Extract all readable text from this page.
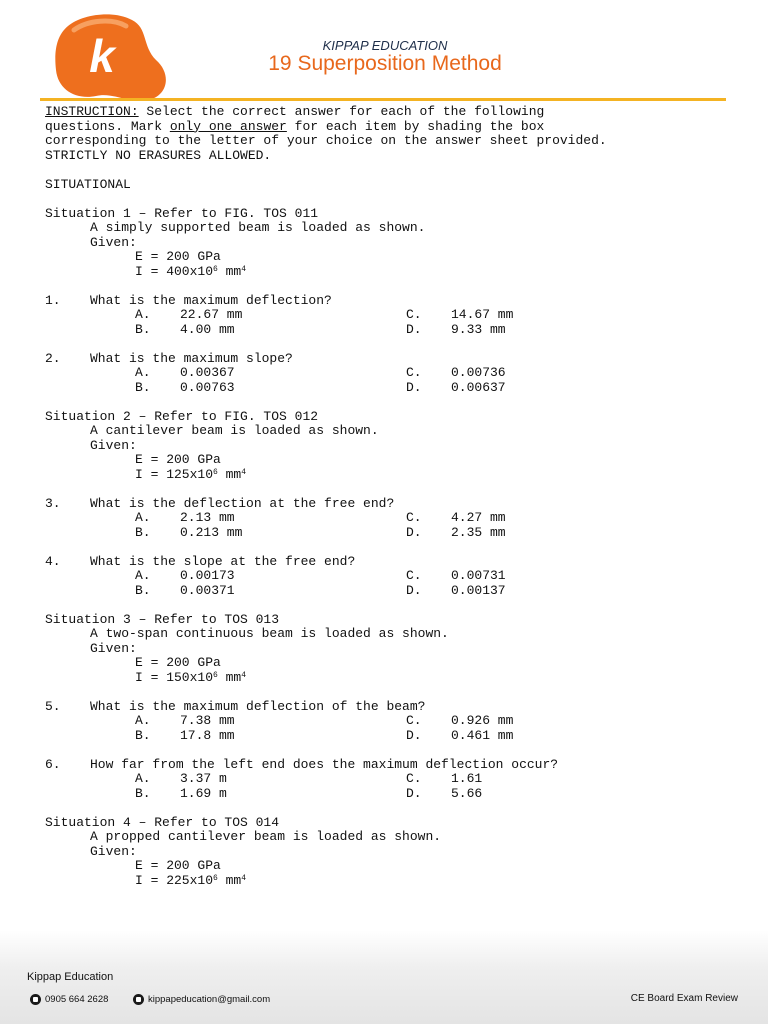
k	KIPPAP EDUCATION
19 Superposition Method
INSTRUCTION: Select the correct answer for each of the following
questions. Mark only one answer for each item by shading the box
corresponding to the letter of your choice on the answer sheet provided.
STRICTLY NO ERASURES ALLOWED.
SITUATIONAL
Situation 1 – Refer to FIG. TOS 011
A simply supported beam is loaded as shown.
Given:
E = 200 GPa
$I = 400x10^6$ $mm^4$
1.	What is the maximum deflection?
A.	22.67 mm	C.	14.67 mm
B.	4.00 mm	D.	9.33 mm
2.	What is the maximum slope?
A.	0.00367	C.	0.00736
B.	0.00763	D.	0.00637
Situation 2 – Refer to FIG. TOS 012
A cantilever beam is loaded as shown.
Given:
E = 200 GPa
$I = 125x10^6$ $mm^4$
3.	What is the deflection at the free end?
A.	2.13 mm	C.	4.27 mm
B.	0.213 mm	D.	2.35 mm
4.	What is the slope at the free end?
A.	0.00173	C.	0.00731
B.	0.00371	D.	0.00137
Situation 3 – Refer to TOS 013
A two-span continuous beam is loaded as shown.
Given:
E = 200 GPa
$I = 150x10^6$ $mm^4$
5.	What is the maximum deflection of the beam?
A.	7.38 mm	C.	0.926 mm
B.	17.8 mm	D.	0.461 mm
6.	How far from the left end does the maximum deflection occur?
A.	3.37 m	C.	1.61
B.	1.69 m	D.	5.66
Situation 4 – Refer to TOS 014
A propped cantilever beam is loaded as shown.
Given:
E = 200 GPa
$I = 225x10^6$ $mm^4$
Kippap Education
0905 664 2628	kippapeducation@gmail.com	CE Board Exam Review
